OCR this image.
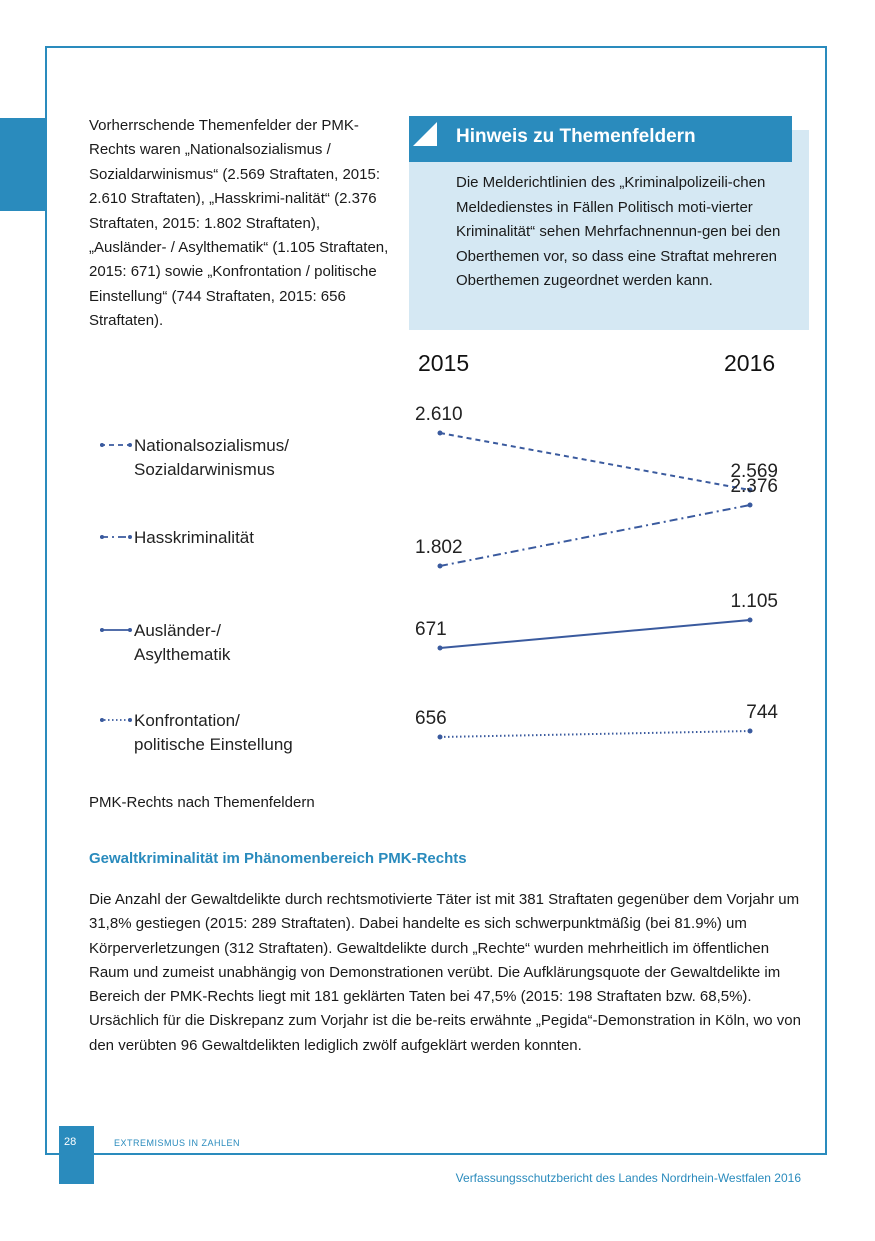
Vorherrschende Themenfelder der PMK-Rechts waren „Nationalsozialismus / Sozialdarwinismus“ (2.569 Straftaten, 2015: 2.610 Straftaten), „Hasskrimi-nalität“ (2.376 Straftaten, 2015: 1.802 Straftaten), „Ausländer- / Asylthematik“ (1.105 Straftaten, 2015: 671) sowie „Konfrontation / politische Einstellung“ (744 Straftaten, 2015: 656 Straftaten).
Hinweis zu Themenfeldern
Die Melderichtlinien des „Kriminalpolizeili-chen Meldedienstes in Fällen Politisch moti-vierter Kriminalität“ sehen Mehrfachnennun-gen bei den Oberthemen vor, so dass eine Straftat mehreren Oberthemen zugeordnet werden kann.
2015	2016
2.610
2.569
Nationalsozialismus/
Sozialdarwinismus
1.802
2.376
Hasskriminalität
671
1.105
Ausländer-/
Asylthematik
656	744
Konfrontation/
politische Einstellung
PMK-Rechts nach Themenfeldern
Gewaltkriminalität im Phänomenbereich PMK-Rechts
Die Anzahl der Gewaltdelikte durch rechtsmotivierte Täter ist mit 381 Straftaten gegenüber dem Vorjahr um 31,8% gestiegen (2015: 289 Straftaten). Dabei handelte es sich schwerpunktmäßig (bei 81.9%) um Körperverletzungen (312 Straftaten). Gewaltdelikte durch „Rechte“ wurden mehrheitlich im öffentlichen Raum und zumeist unabhängig von Demonstrationen verübt. Die Aufklärungsquote der Gewaltdelikte im Bereich der PMK-Rechts liegt mit 181 geklärten Taten bei 47,5% (2015: 198 Straftaten bzw. 68,5%). Ursächlich für die Diskrepanz zum Vorjahr ist die be-reits erwähnte „Pegida“-Demonstration in Köln, wo von den verübten 96 Gewaltdelikten lediglich zwölf aufgeklärt werden konnten.
28	EXTREMISMUS IN ZAHLEN
Verfassungsschutzbericht des Landes Nordrhein-Westfalen 2016
